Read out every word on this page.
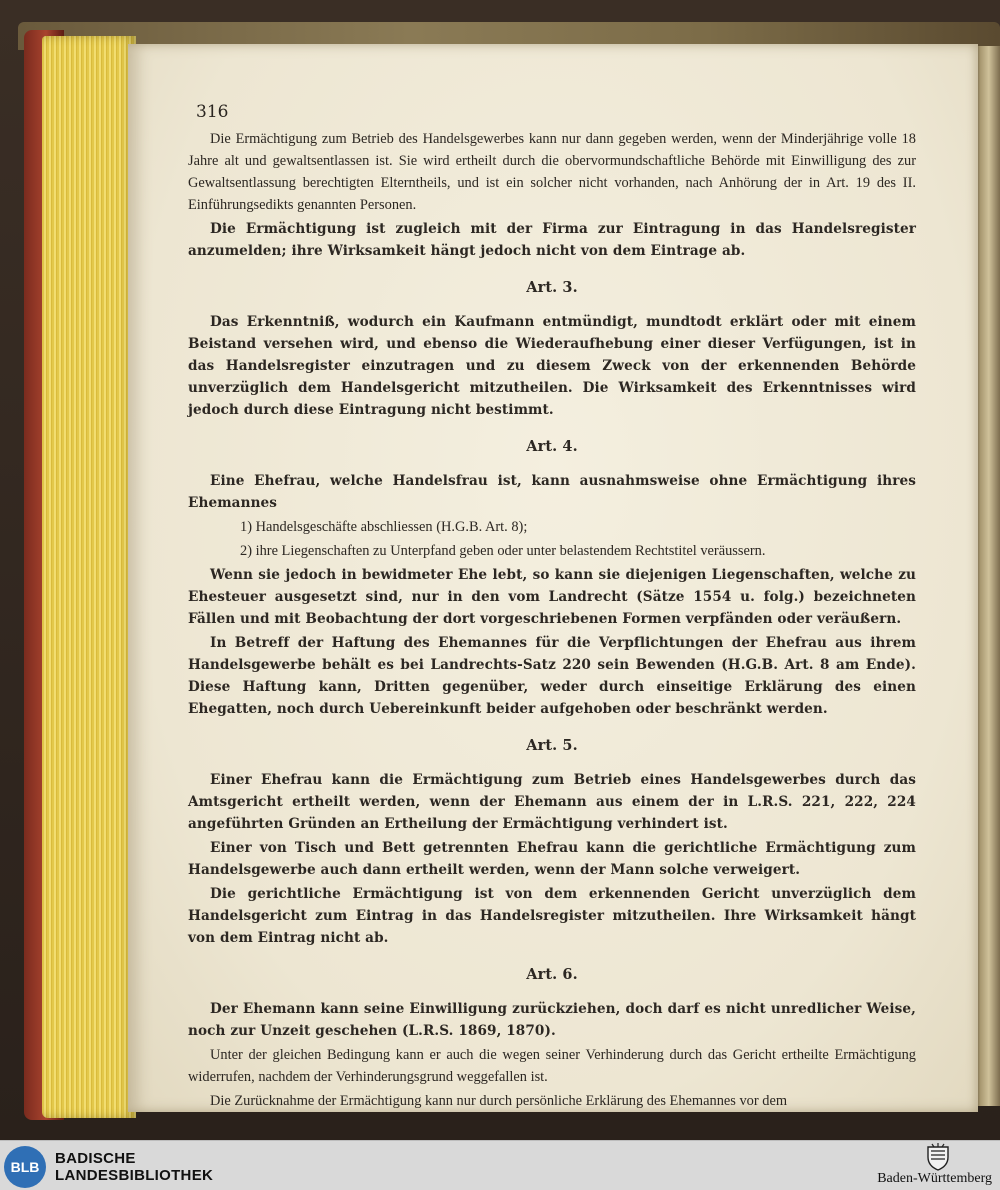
316
Die Ermächtigung zum Betrieb des Handelsgewerbes kann nur dann gegeben werden, wenn der Minderjährige volle 18 Jahre alt und gewaltsentlassen ist. Sie wird ertheilt durch die obervormundschaftliche Behörde mit Einwilligung des zur Gewaltsentlassung berechtigten Elterntheils, und ist ein solcher nicht vorhanden, nach Anhörung der in Art. 19 des II. Einführungsedikts genannten Personen.
Die Ermächtigung ist zugleich mit der Firma zur Eintragung in das Handelsregister anzumelden; ihre Wirksamkeit hängt jedoch nicht von dem Eintrage ab.
Art. 3.
Das Erkenntniß, wodurch ein Kaufmann entmündigt, mundtodt erklärt oder mit einem Beistand versehen wird, und ebenso die Wiederaufhebung einer dieser Verfügungen, ist in das Handelsregister einzutragen und zu diesem Zweck von der erkennenden Behörde unverzüglich dem Handelsgericht mitzutheilen. Die Wirksamkeit des Erkenntnisses wird jedoch durch diese Eintragung nicht bestimmt.
Art. 4.
Eine Ehefrau, welche Handelsfrau ist, kann ausnahmsweise ohne Ermächtigung ihres Ehemannes
1) Handelsgeschäfte abschliessen (H.G.B. Art. 8);
2) ihre Liegenschaften zu Unterpfand geben oder unter belastendem Rechtstitel veräussern.
Wenn sie jedoch in bewidmeter Ehe lebt, so kann sie diejenigen Liegenschaften, welche zu Ehesteuer ausgesetzt sind, nur in den vom Landrecht (Sätze 1554 u. folg.) bezeichneten Fällen und mit Beobachtung der dort vorgeschriebenen Formen verpfänden oder veräußern.
In Betreff der Haftung des Ehemannes für die Verpflichtungen der Ehefrau aus ihrem Handelsgewerbe behält es bei Landrechts-Satz 220 sein Bewenden (H.G.B. Art. 8 am Ende). Diese Haftung kann, Dritten gegenüber, weder durch einseitige Erklärung des einen Ehegatten, noch durch Uebereinkunft beider aufgehoben oder beschränkt werden.
Art. 5.
Einer Ehefrau kann die Ermächtigung zum Betrieb eines Handelsgewerbes durch das Amtsgericht ertheilt werden, wenn der Ehemann aus einem der in L.R.S. 221, 222, 224 angeführten Gründen an Ertheilung der Ermächtigung verhindert ist.
Einer von Tisch und Bett getrennten Ehefrau kann die gerichtliche Ermächtigung zum Handelsgewerbe auch dann ertheilt werden, wenn der Mann solche verweigert.
Die gerichtliche Ermächtigung ist von dem erkennenden Gericht unverzüglich dem Handelsgericht zum Eintrag in das Handelsregister mitzutheilen. Ihre Wirksamkeit hängt von dem Eintrag nicht ab.
Art. 6.
Der Ehemann kann seine Einwilligung zurückziehen, doch darf es nicht unredlicher Weise, noch zur Unzeit geschehen (L.R.S. 1869, 1870).
Unter der gleichen Bedingung kann er auch die wegen seiner Verhinderung durch das Gericht ertheilte Ermächtigung widerrufen, nachdem der Verhinderungsgrund weggefallen ist.
Die Zurücknahme der Ermächtigung kann nur durch persönliche Erklärung des Ehemannes vor dem
BLB	BADISCHE
LANDESBIBLIOTHEK	Baden-Württemberg
